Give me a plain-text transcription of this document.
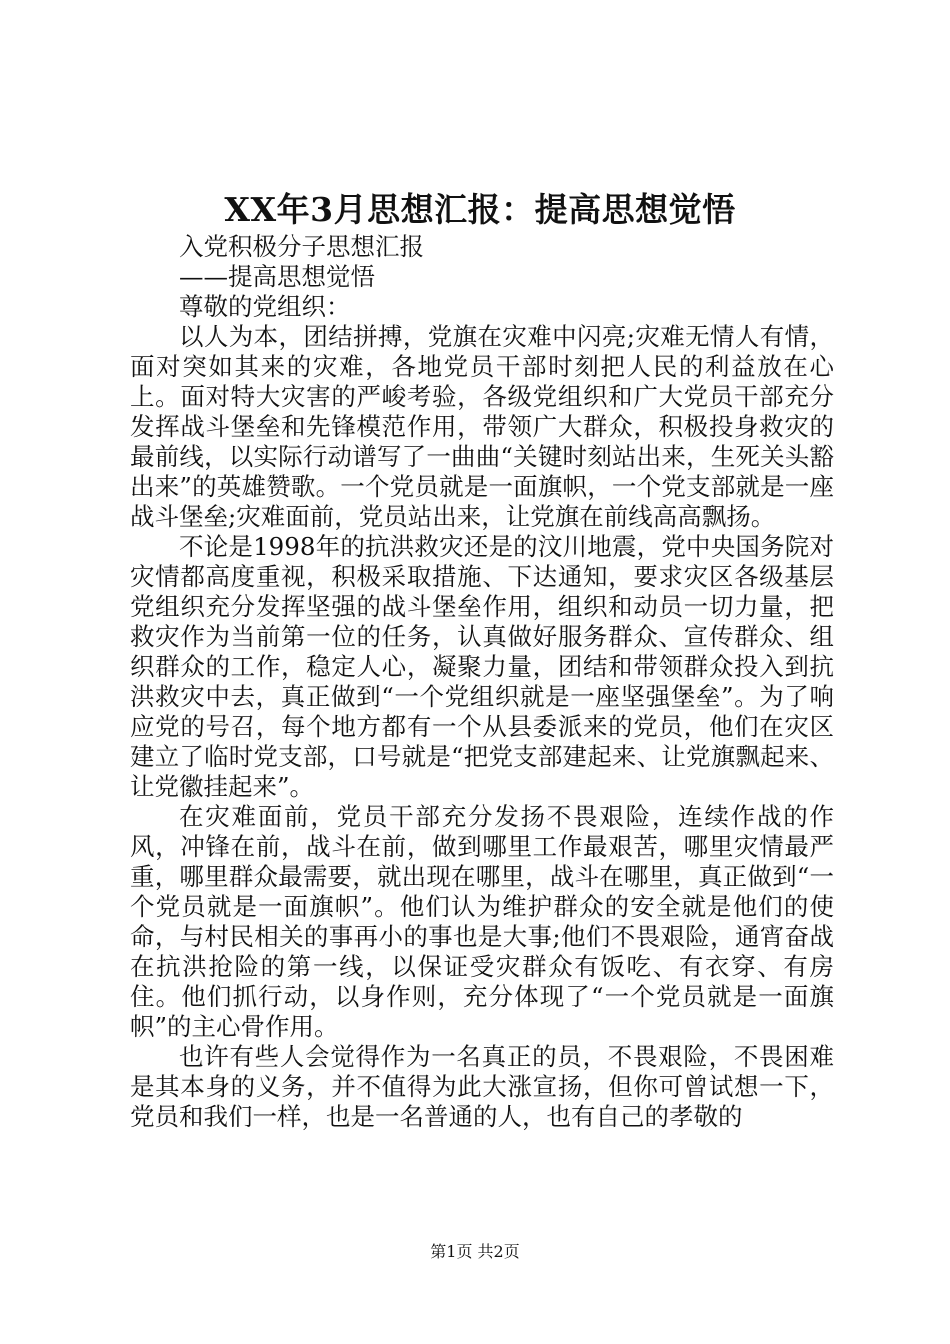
XX年3月思想汇报：提高思想觉悟

入党积极分子思想汇报

——提高思想觉悟

尊敬的党组织：

以人为本，团结拼搏，党旗在灾难中闪亮;灾难无情人有情，面对突如其来的灾难，各地党员干部时刻把人民的利益放在心上。面对特大灾害的严峻考验，各级党组织和广大党员干部充分发挥战斗堡垒和先锋模范作用，带领广大群众，积极投身救灾的最前线，以实际行动谱写了一曲曲“关键时刻站出来，生死关头豁出来”的英雄赞歌。一个党员就是一面旗帜，一个党支部就是一座战斗堡垒;灾难面前，党员站出来，让党旗在前线高高飘扬。

不论是1998年的抗洪救灾还是的汶川地震，党中央国务院对灾情都高度重视，积极采取措施、下达通知，要求灾区各级基层党组织充分发挥坚强的战斗堡垒作用，组织和动员一切力量，把救灾作为当前第一位的任务，认真做好服务群众、宣传群众、组织群众的工作，稳定人心，凝聚力量，团结和带领群众投入到抗洪救灾中去，真正做到“一个党组织就是一座坚强堡垒”。为了响应党的号召，每个地方都有一个从县委派来的党员，他们在灾区建立了临时党支部，口号就是“把党支部建起来、让党旗飘起来、让党徽挂起来”。

在灾难面前，党员干部充分发扬不畏艰险，连续作战的作风，冲锋在前，战斗在前，做到哪里工作最艰苦，哪里灾情最严重，哪里群众最需要，就出现在哪里，战斗在哪里，真正做到“一个党员就是一面旗帜”。他们认为维护群众的安全就是他们的使命，与村民相关的事再小的事也是大事;他们不畏艰险，通宵奋战在抗洪抢险的第一线，以保证受灾群众有饭吃、有衣穿、有房住。他们抓行动，以身作则，充分体现了“一个党员就是一面旗帜”的主心骨作用。

也许有些人会觉得作为一名真正的员，不畏艰险，不畏困难是其本身的义务，并不值得为此大涨宣扬，但你可曾试想一下，党员和我们一样，也是一名普通的人，也有自己的孝敬的

第1页 共2页
